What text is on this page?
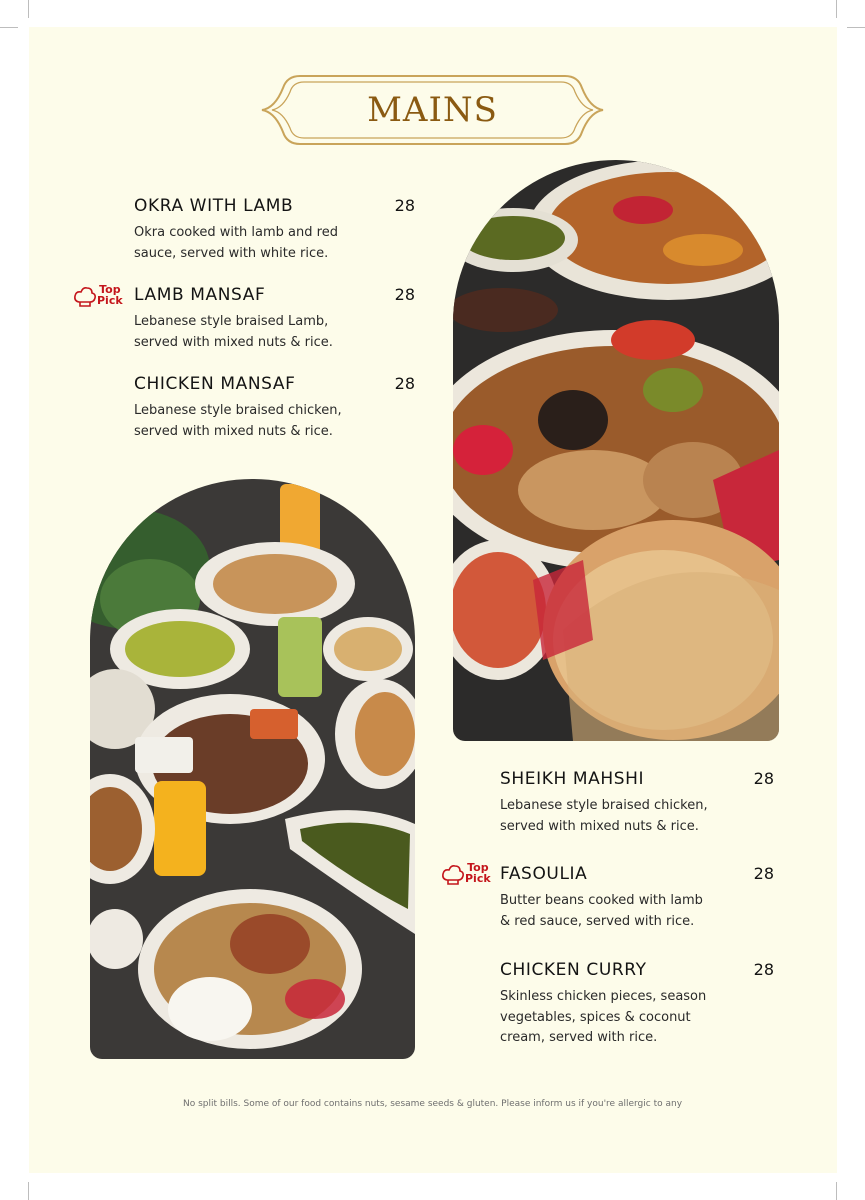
MAINS
OKRA WITH LAMB	28
Okra cooked with lamb and red
sauce, served with white rice.
Top
Pick LAMB MANSAF	28
Lebanese style braised Lamb,
served with mixed nuts & rice.
CHICKEN MANSAF	28
Lebanese style braised chicken,
served with mixed nuts & rice.
SHEIKH MAHSHI	28
Lebanese style braised chicken,
served with mixed nuts & rice.
Top
Pick FASOULIA	28
Butter beans cooked with lamb
& red sauce, served with rice.
CHICKEN CURRY	28
Skinless chicken pieces, season
vegetables, spices & coconut
cream, served with rice.
No split bills. Some of our food contains nuts, sesame seeds & gluten. Please inform us if you're allergic to any
